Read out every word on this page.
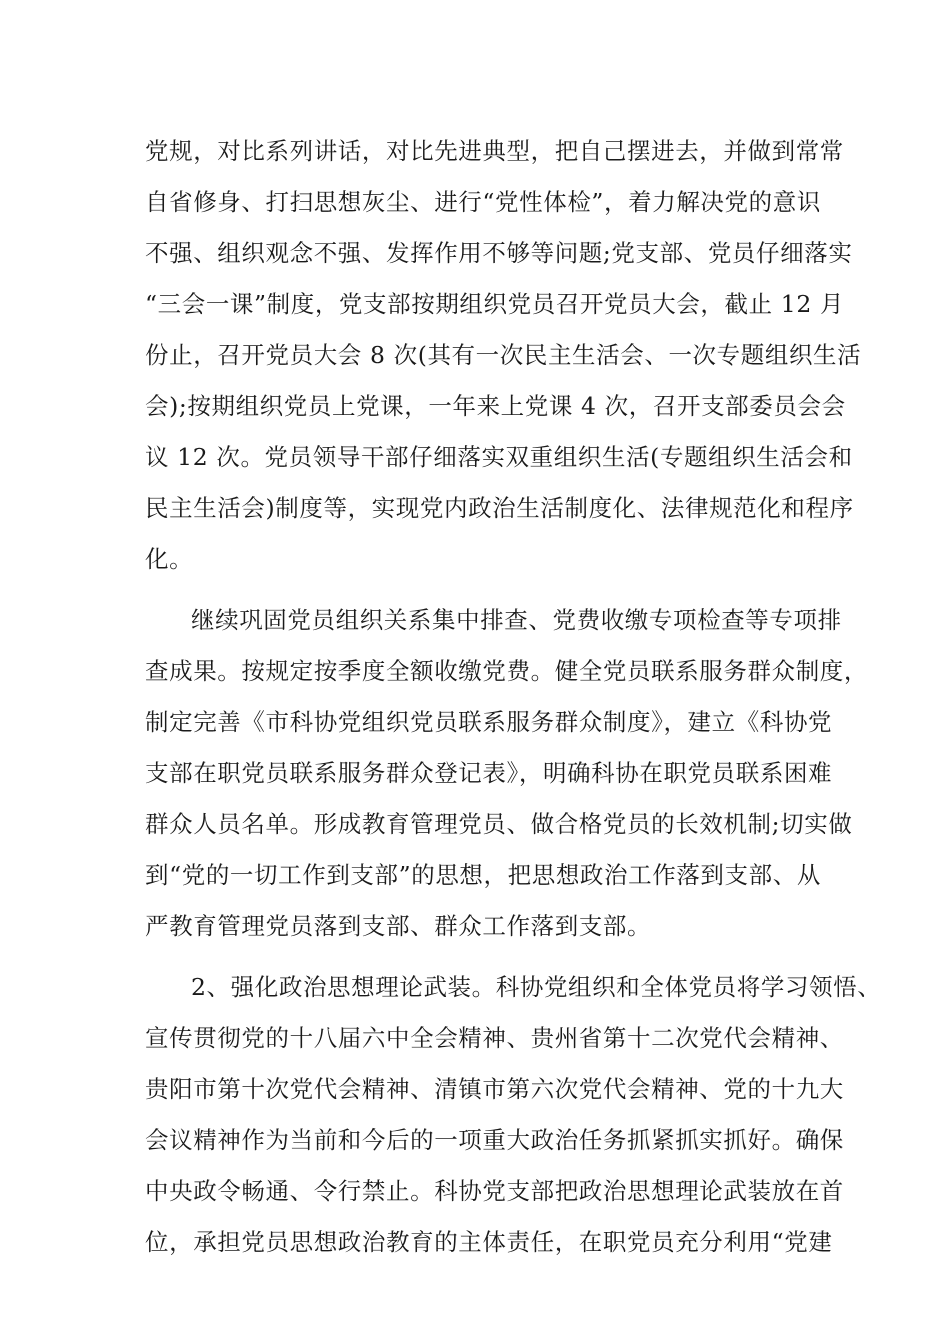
党规，对比系列讲话，对比先进典型，把自己摆进去，并做到常常
自省修身、打扫思想灰尘、进行“党性体检”，着力解决党的意识
不强、组织观念不强、发挥作用不够等问题;党支部、党员仔细落实
“三会一课”制度，党支部按期组织党员召开党员大会，截止 12 月
份止，召开党员大会 8 次(其有一次民主生活会、一次专题组织生活
会);按期组织党员上党课，一年来上党课 4 次，召开支部委员会会
议 12 次。党员领导干部仔细落实双重组织生活(专题组织生活会和
民主生活会)制度等，实现党内政治生活制度化、法律规范化和程序
化。
继续巩固党员组织关系集中排查、党费收缴专项检查等专项排
查成果。按规定按季度全额收缴党费。健全党员联系服务群众制度，
制定完善《市科协党组织党员联系服务群众制度》，建立《科协党
支部在职党员联系服务群众登记表》，明确科协在职党员联系困难
群众人员名单。形成教育管理党员、做合格党员的长效机制;切实做
到“党的一切工作到支部”的思想，把思想政治工作落到支部、从
严教育管理党员落到支部、群众工作落到支部。
2、强化政治思想理论武装。科协党组织和全体党员将学习领悟、
宣传贯彻党的十八届六中全会精神、贵州省第十二次党代会精神、
贵阳市第十次党代会精神、清镇市第六次党代会精神、党的十九大
会议精神作为当前和今后的一项重大政治任务抓紧抓实抓好。确保
中央政令畅通、令行禁止。科协党支部把政治思想理论武装放在首
位，承担党员思想政治教育的主体责任，在职党员充分利用“党建
